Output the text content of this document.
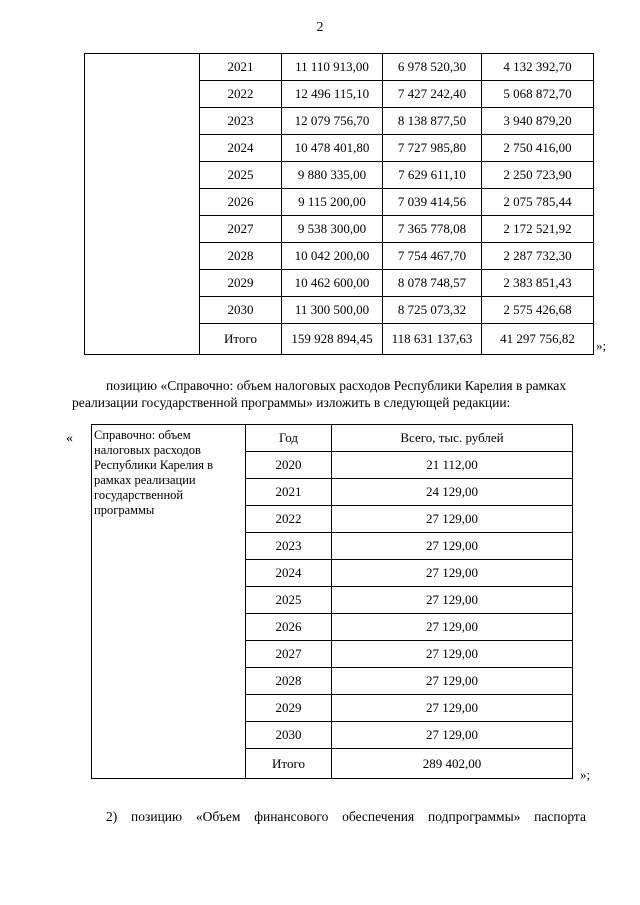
2
	2021	11 110 913,00	6 978 520,30	4 132 392,70
	2022	12 496 115,10	7 427 242,40	5 068 872,70
	2023	12 079 756,70	8 138 877,50	3 940 879,20
	2024	10 478 401,80	7 727 985,80	2 750 416,00
	2025	9 880 335,00	7 629 611,10	2 250 723,90
	2026	9 115 200,00	7 039 414,56	2 075 785,44
	2027	9 538 300,00	7 365 778,08	2 172 521,92
	2028	10 042 200,00	7 754 467,70	2 287 732,30
	2029	10 462 600,00	8 078 748,57	2 383 851,43
	2030	11 300 500,00	8 725 073,32	2 575 426,68
	Итого	159 928 894,45	118 631 137,63	41 297 756,82 »;
позицию «Справочно: объем налоговых расходов Республики Карелия в рамках
реализации государственной программы» изложить в следующей редакции:
« Справочно: объем налоговых расходов Республики Карелия в рамках реализации государственной программы	Год	Всего, тыс. рублей
	2020	21 112,00
	2021	24 129,00
	2022	27 129,00
	2023	27 129,00
	2024	27 129,00
	2025	27 129,00
	2026	27 129,00
	2027	27 129,00
	2028	27 129,00
	2029	27 129,00
	2030	27 129,00
	Итого	289 402,00
»;
2) позицию «Объем финансового обеспечения подпрограммы» паспорта
